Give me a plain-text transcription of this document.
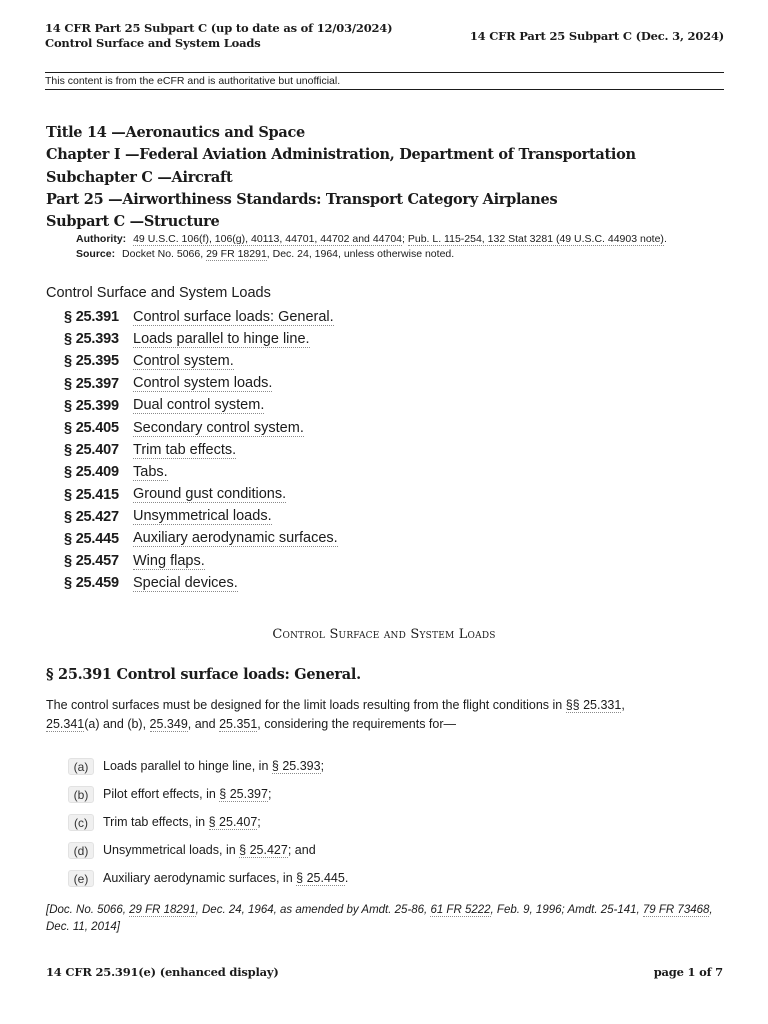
14 CFR Part 25 Subpart C (up to date as of 12/03/2024)
Control Surface and System Loads	14 CFR Part 25 Subpart C (Dec. 3, 2024)
This content is from the eCFR and is authoritative but unofficial.
Title 14 —Aeronautics and Space
Chapter I —Federal Aviation Administration, Department of Transportation
Subchapter C —Aircraft
Part 25 —Airworthiness Standards: Transport Category Airplanes
Subpart C —Structure
Authority: 49 U.S.C. 106(f), 106(g), 40113, 44701, 44702 and 44704; Pub. L. 115-254, 132 Stat 3281 (49 U.S.C. 44903 note).
Source: Docket No. 5066, 29 FR 18291, Dec. 24, 1964, unless otherwise noted.
Control Surface and System Loads
§ 25.391 Control surface loads: General.
§ 25.393 Loads parallel to hinge line.
§ 25.395 Control system.
§ 25.397 Control system loads.
§ 25.399 Dual control system.
§ 25.405 Secondary control system.
§ 25.407 Trim tab effects.
§ 25.409 Tabs.
§ 25.415 Ground gust conditions.
§ 25.427 Unsymmetrical loads.
§ 25.445 Auxiliary aerodynamic surfaces.
§ 25.457 Wing flaps.
§ 25.459 Special devices.
Control Surface and System Loads
§ 25.391 Control surface loads: General.
The control surfaces must be designed for the limit loads resulting from the flight conditions in §§ 25.331,
25.341(a) and (b), 25.349, and 25.351, considering the requirements for—
(a)	Loads parallel to hinge line, in
§ 25.393 ;
(b)	Pilot effort effects, in
§ 25.397 ;
(c)	Trim tab effects, in
§ 25.407 ;
(d)	Unsymmetrical loads, in
§ 25.427 ; and
(e)	Auxiliary aerodynamic surfaces, in
§ 25.445 .
[Doc. No. 5066, 29 FR 18291, Dec. 24, 1964, as amended by Amdt. 25-86, 61 FR 5222, Feb. 9, 1996; Amdt. 25-141, 79 FR 73468,
Dec. 11, 2014]
14 CFR 25.391(e) (enhanced display)	page 1 of 7
